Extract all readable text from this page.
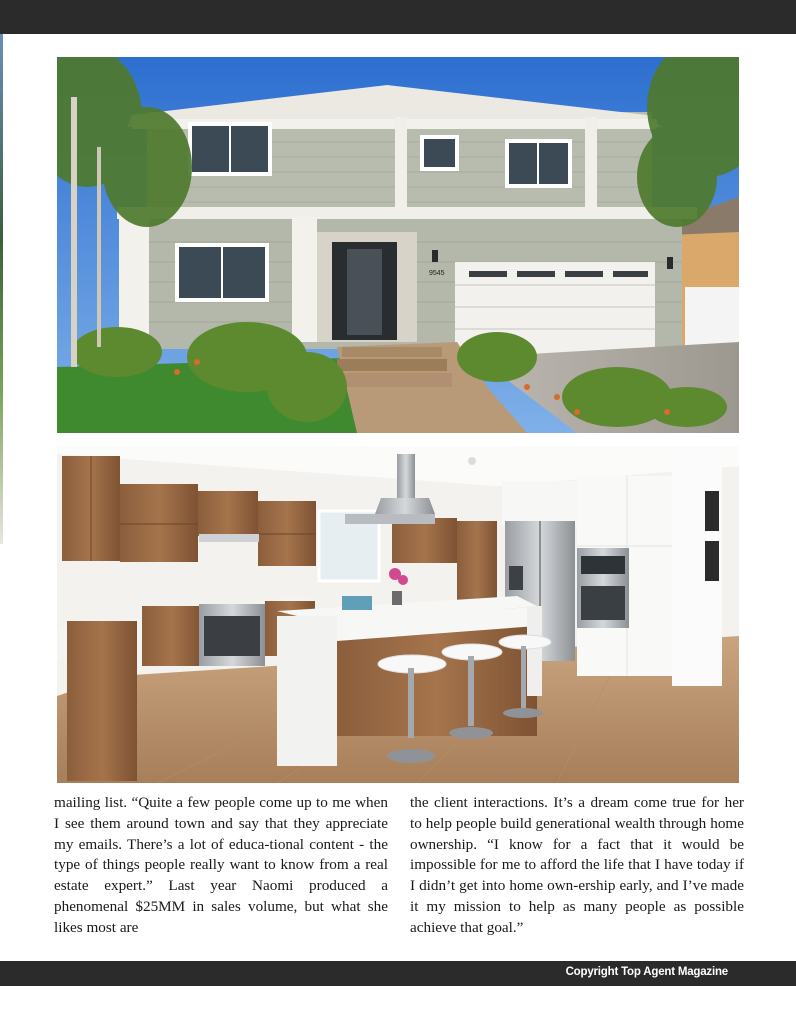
9545

mailing list. “Quite a few people come up to me when I see them around town and say that they appreciate my emails. There’s a lot of educa-tional content - the type of things people really want to know from a real estate expert.” Last year Naomi produced a phenomenal $25MM in sales volume, but what she likes most are

the client interactions. It’s a dream come true for her to help people build generational wealth through home ownership. “I know for a fact that it would be impossible for me to afford the life that I have today if I didn’t get into home own-ership early, and I’ve made it my mission to help as many people as possible achieve that goal.”

Copyright Top Agent Magazine
